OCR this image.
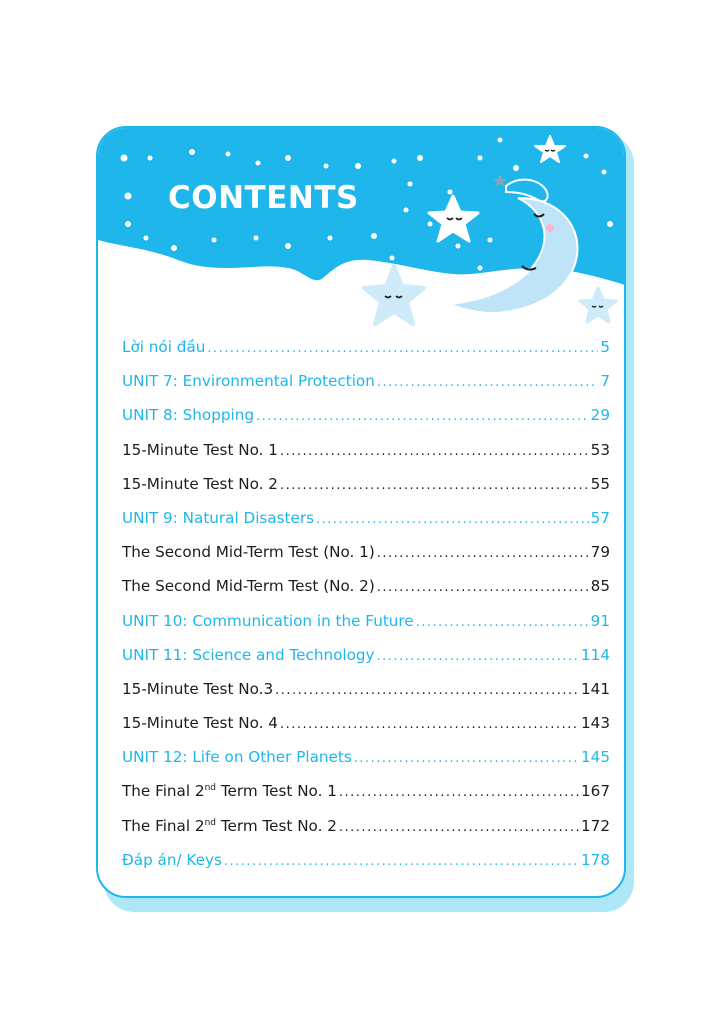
CONTENTS
Lời nói đầu .....	5
UNIT 7: Environmental Protection .....	7
UNIT 8: Shopping .....	29
15-Minute Test No. 1 .....	53
15-Minute Test No. 2 .....	55
UNIT 9: Natural Disasters .....	57
The Second Mid-Term Test (No. 1) .....	79
The Second Mid-Term Test (No. 2) .....	85
UNIT 10: Communication in the Future .....	91
UNIT 11: Science and Technology .....	114
15-Minute Test No.3 .....	141
15-Minute Test No. 4 .....	143
UNIT 12: Life on Other Planets .....	145
The Final 2nd Term Test No. 1 .....	167
The Final 2nd Term Test No. 2 .....	172
Đáp án/ Keys .....	178
